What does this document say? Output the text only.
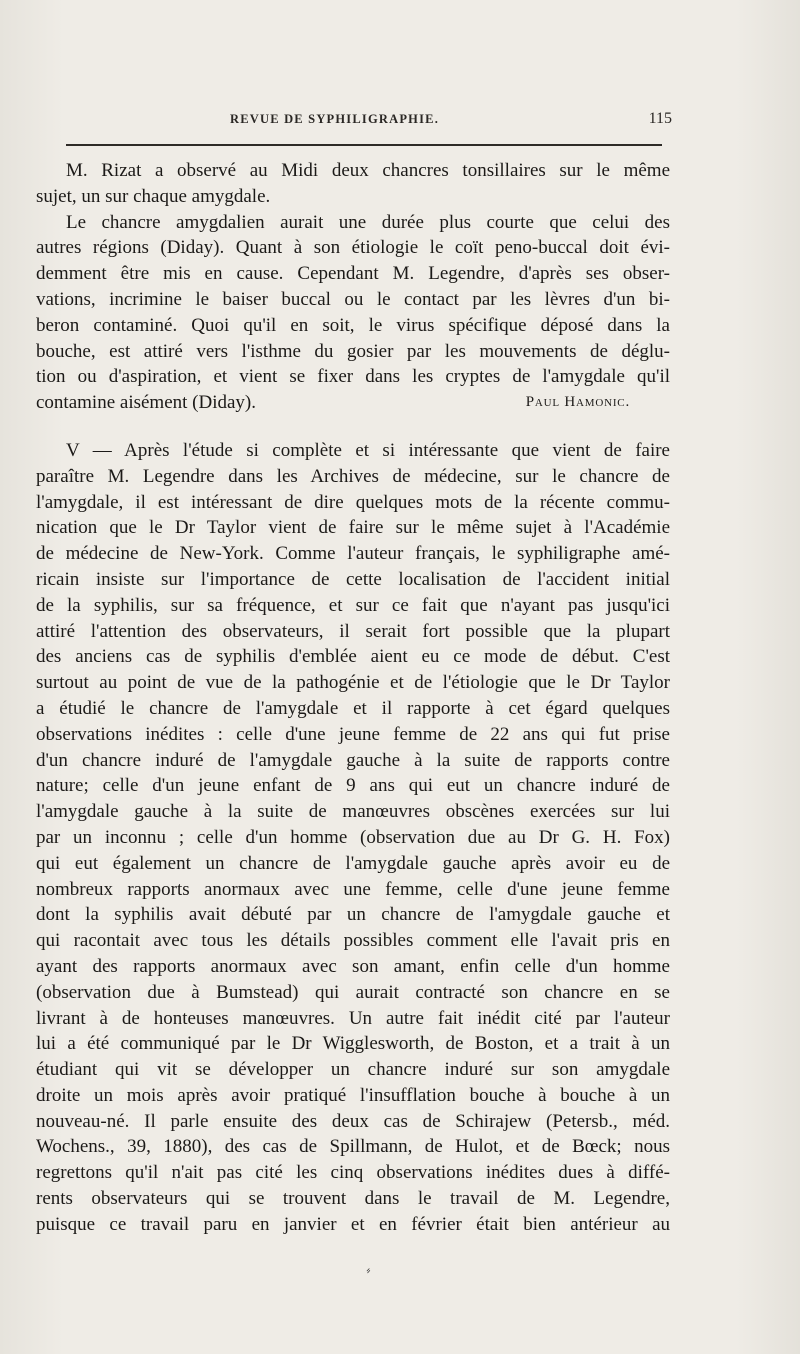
REVUE DE SYPHILIGRAPHIE.	115
M. Rizat a observé au Midi deux chancres tonsillaires sur le même
sujet, un sur chaque amygdale.
Le chancre amygdalien aurait une durée plus courte que celui des
autres régions (Diday). Quant à son étiologie le coït peno-buccal doit évi-
demment être mis en cause. Cependant M. Legendre, d'après ses obser-
vations, incrimine le baiser buccal ou le contact par les lèvres d'un bi-
beron contaminé. Quoi qu'il en soit, le virus spécifique déposé dans la
bouche, est attiré vers l'isthme du gosier par les mouvements de déglu-
tion ou d'aspiration, et vient se fixer dans les cryptes de l'amygdale qu'il
contamine aisément (Diday).	Paul Hamonic.
V — Après l'étude si complète et si intéressante que vient de faire
paraître M. Legendre dans les Archives de médecine, sur le chancre de
l'amygdale, il est intéressant de dire quelques mots de la récente commu-
nication que le Dr Taylor vient de faire sur le même sujet à l'Académie
de médecine de New-York. Comme l'auteur français, le syphiligraphe amé-
ricain insiste sur l'importance de cette localisation de l'accident initial
de la syphilis, sur sa fréquence, et sur ce fait que n'ayant pas jusqu'ici
attiré l'attention des observateurs, il serait fort possible que la plupart
des anciens cas de syphilis d'emblée aient eu ce mode de début. C'est
surtout au point de vue de la pathogénie et de l'étiologie que le Dr Taylor
a étudié le chancre de l'amygdale et il rapporte à cet égard quelques
observations inédites : celle d'une jeune femme de 22 ans qui fut prise
d'un chancre induré de l'amygdale gauche à la suite de rapports contre
nature; celle d'un jeune enfant de 9 ans qui eut un chancre induré de
l'amygdale gauche à la suite de manœuvres obscènes exercées sur lui
par un inconnu ; celle d'un homme (observation due au Dr G. H. Fox)
qui eut également un chancre de l'amygdale gauche après avoir eu de
nombreux rapports anormaux avec une femme, celle d'une jeune femme
dont la syphilis avait débuté par un chancre de l'amygdale gauche et
qui racontait avec tous les détails possibles comment elle l'avait pris en
ayant des rapports anormaux avec son amant, enfin celle d'un homme
(observation due à Bumstead) qui aurait contracté son chancre en se
livrant à de honteuses manœuvres. Un autre fait inédit cité par l'auteur
lui a été communiqué par le Dr Wigglesworth, de Boston, et a trait à un
étudiant qui vit se développer un chancre induré sur son amygdale
droite un mois après avoir pratiqué l'insufflation bouche à bouche à un
nouveau-né. Il parle ensuite des deux cas de Schirajew (Petersb., méd.
Wochens., 39, 1880), des cas de Spillmann, de Hulot, et de Bœck; nous
regrettons qu'il n'ait pas cité les cinq observations inédites dues à diffé-
rents observateurs qui se trouvent dans le travail de M. Legendre,
puisque ce travail paru en janvier et en février était bien antérieur au
⸗
